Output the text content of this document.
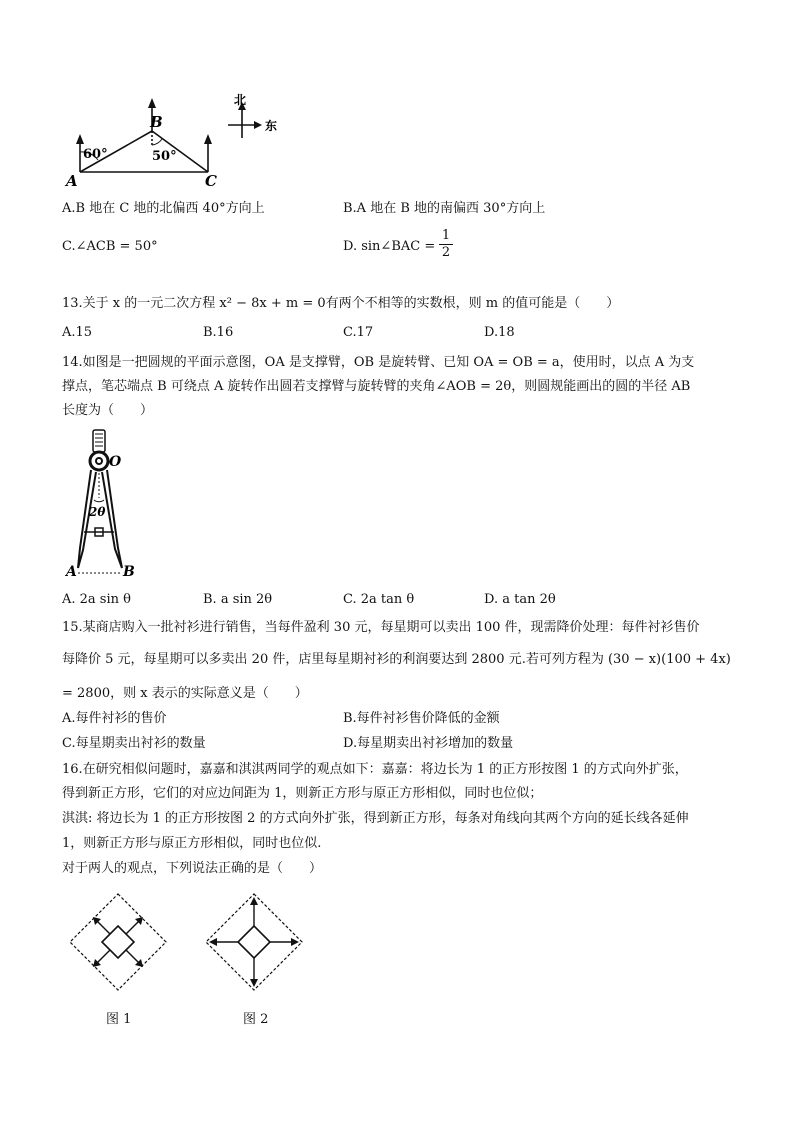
A
B
C
60°	50°
北
东
A.B 地在 C 地的北偏西 40°方向上	B.A 地在 B 地的南偏西 30°方向上
C.∠ACB = 50°	D. sin∠BAC = $\frac{1}{2}$
13.关于 x 的一元二次方程 x² − 8x + m = 0有两个不相等的实数根，则 m 的值可能是（　　）
A.15	B.16	C.17	D.18
14.如图是一把圆规的平面示意图，OA 是支撑臂，OB 是旋转臂、已知 OA = OB = a，使用时，以点 A 为支
撑点，笔芯端点 B 可绕点 A 旋转作出圆若支撑臂与旋转臂的夹角∠AOB = 2θ，则圆规能画出的圆的半径 AB
长度为（　　）
O
2θ
A	B
A. 2a sin θ	B. a sin 2θ	C. 2a tan θ	D. a tan 2θ
15.某商店购入一批衬衫进行销售，当每件盈利 30 元，每星期可以卖出 100 件，现需降价处理：每件衬衫售价
每降价 5 元，每星期可以多卖出 20 件，店里每星期衬衫的利润要达到 2800 元.若可列方程为 (30 − x)(100 + 4x)
= 2800，则 x 表示的实际意义是（　　）
A.每件衬衫的售价	B.每件衬衫售价降低的金额
C.每星期卖出衬衫的数量	D.每星期卖出衬衫增加的数量
16.在研究相似问题时，嘉嘉和淇淇两同学的观点如下：嘉嘉：将边长为 1 的正方形按图 1 的方式向外扩张，
得到新正方形，它们的对应边间距为 1，则新正方形与原正方形相似，同时也位似；
淇淇: 将边长为 1 的正方形按图 2 的方式向外扩张，得到新正方形，每条对角线向其两个方向的延长线各延伸
1，则新正方形与原正方形相似，同时也位似.
对于两人的观点，下列说法正确的是（　　）
图 1	图 2
